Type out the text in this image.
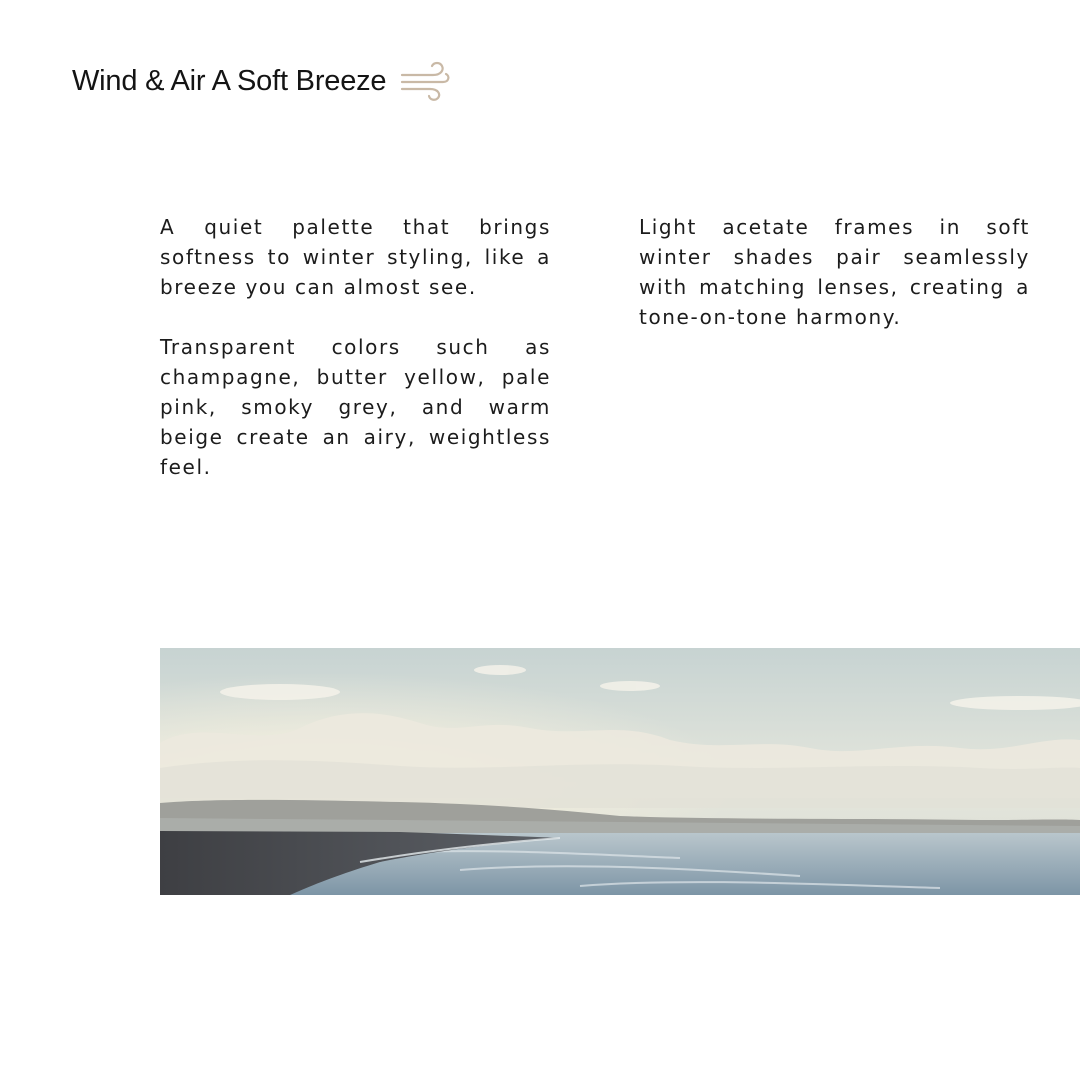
Wind & Air A Soft Breeze

A quiet palette that brings softness to winter styling, like a breeze you can almost see.

Transparent colors such as champagne, butter yellow, pale pink, smoky grey, and warm beige create an airy, weightless feel.

Light acetate frames in soft winter shades pair seamlessly with matching lenses, creating a tone-on-tone harmony.
